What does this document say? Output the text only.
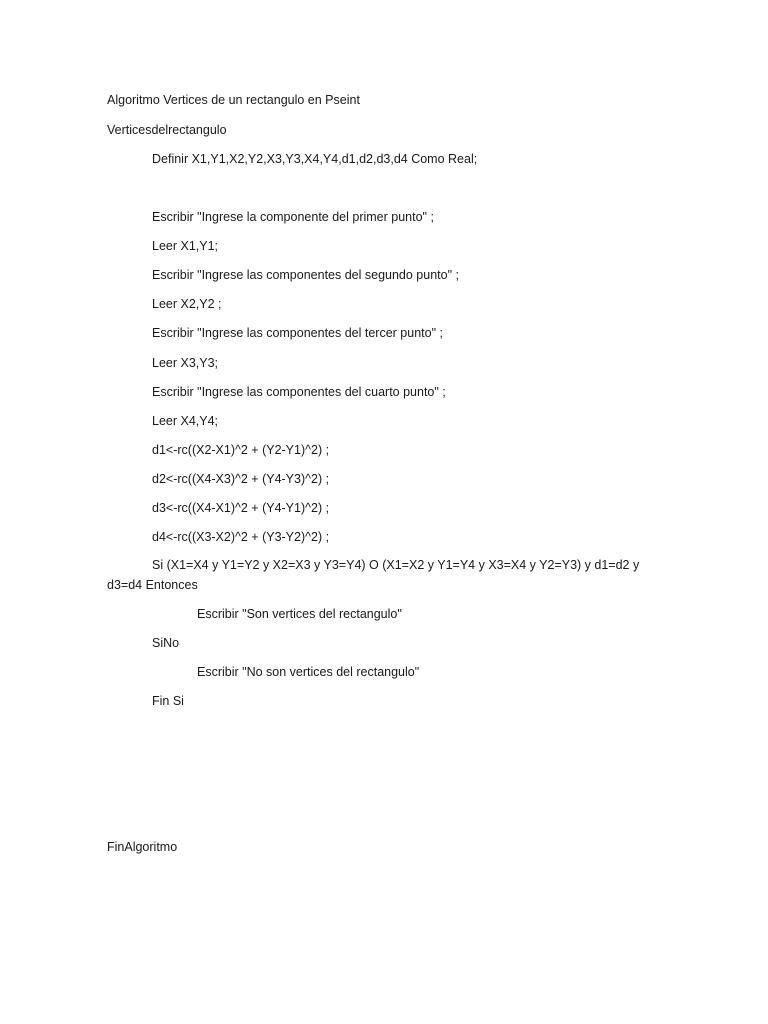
Algoritmo Vertices de un rectangulo en Pseint
Verticesdelrectangulo
Definir X1,Y1,X2,Y2,X3,Y3,X4,Y4,d1,d2,d3,d4 Como Real;
Escribir "Ingrese la componente del primer punto" ;
Leer X1,Y1;
Escribir "Ingrese las componentes del segundo punto" ;
Leer X2,Y2 ;
Escribir "Ingrese las componentes del tercer punto" ;
Leer X3,Y3;
Escribir "Ingrese las componentes del cuarto punto" ;
Leer X4,Y4;
d1<-rc((X2-X1)^2 + (Y2-Y1)^2) ;
d2<-rc((X4-X3)^2 + (Y4-Y3)^2) ;
d3<-rc((X4-X1)^2 + (Y4-Y1)^2) ;
d4<-rc((X3-X2)^2 + (Y3-Y2)^2) ;
Si (X1=X4 y Y1=Y2 y X2=X3 y Y3=Y4) O (X1=X2 y Y1=Y4 y X3=X4 y Y2=Y3) y d1=d2 y d3=d4 Entonces
Escribir "Son vertices del rectangulo"
SiNo
Escribir "No son vertices del rectangulo"
Fin Si
FinAlgoritmo
